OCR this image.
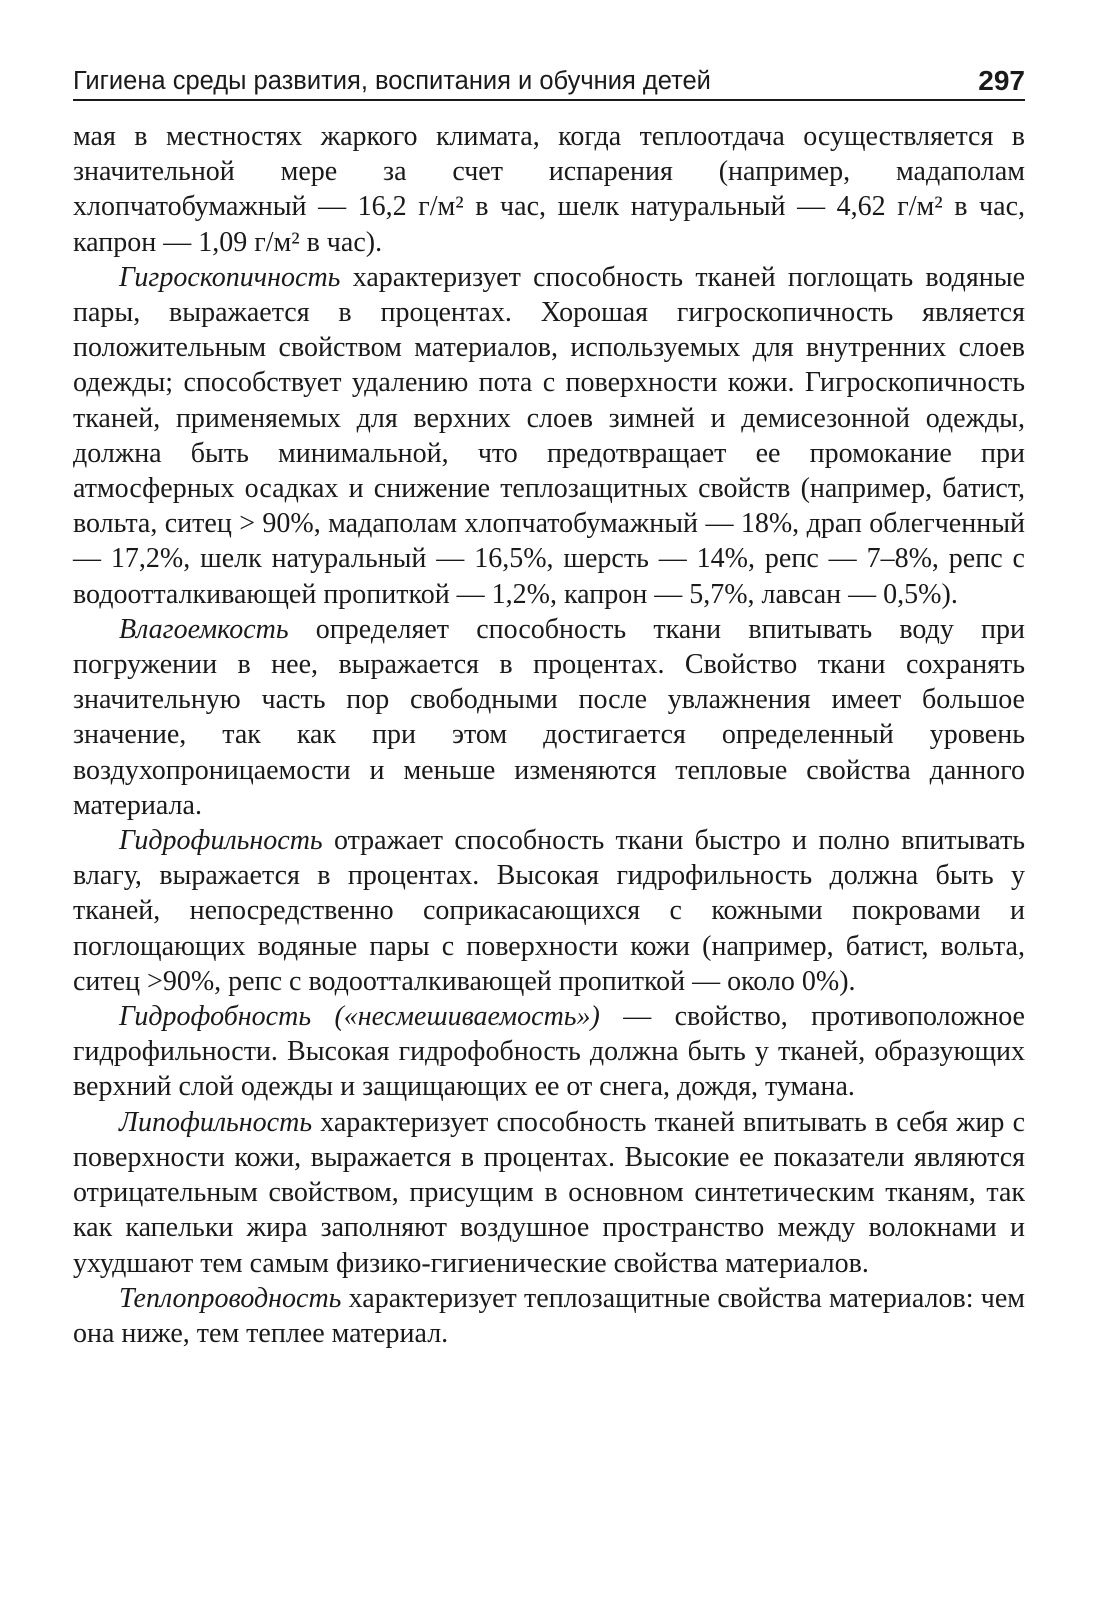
Гигиена среды развития, воспитания и обучния детей	297

мая в местностях жаркого климата, когда теплоотдача осуществляется в значительной мере за счет испарения (например, мадаполам хлопчатобумажный — 16,2 г/м² в час, шелк натуральный — 4,62 г/м² в час, капрон — 1,09 г/м² в час).

Гигроскопичность характеризует способность тканей поглощать водяные пары, выражается в процентах. Хорошая гигроскопичность является положительным свойством материалов, используемых для внутренних слоев одежды; способствует удалению пота с поверхности кожи. Гигроскопичность тканей, применяемых для верхних слоев зимней и демисезонной одежды, должна быть минимальной, что предотвращает ее промокание при атмосферных осадках и снижение теплозащитных свойств (например, батист, вольта, ситец > 90%, мадаполам хлопчатобумажный — 18%, драп облегченный — 17,2%, шелк натуральный — 16,5%, шерсть — 14%, репс — 7–8%, репс с водоотталкивающей пропиткой — 1,2%, капрон — 5,7%, лавсан — 0,5%).

Влагоемкость определяет способность ткани впитывать воду при погружении в нее, выражается в процентах. Свойство ткани сохранять значительную часть пор свободными после увлажнения имеет большое значение, так как при этом достигается определенный уровень воздухопроницаемости и меньше изменяются тепловые свойства данного материала.

Гидрофильность отражает способность ткани быстро и полно впитывать влагу, выражается в процентах. Высокая гидрофильность должна быть у тканей, непосредственно соприкасающихся с кожными покровами и поглощающих водяные пары с поверхности кожи (например, батист, вольта, ситец >90%, репс с водоотталкивающей пропиткой — около 0%).

Гидрофобность («несмешиваемость») — свойство, противоположное гидрофильности. Высокая гидрофобность должна быть у тканей, образующих верхний слой одежды и защищающих ее от снега, дождя, тумана.

Липофильность характеризует способность тканей впитывать в себя жир с поверхности кожи, выражается в процентах. Высокие ее показатели являются отрицательным свойством, присущим в основном синтетическим тканям, так как капельки жира заполняют воздушное пространство между волокнами и ухудшают тем самым физико-гигиенические свойства материалов.

Теплопроводность характеризует теплозащитные свойства материалов: чем она ниже, тем теплее материал.
